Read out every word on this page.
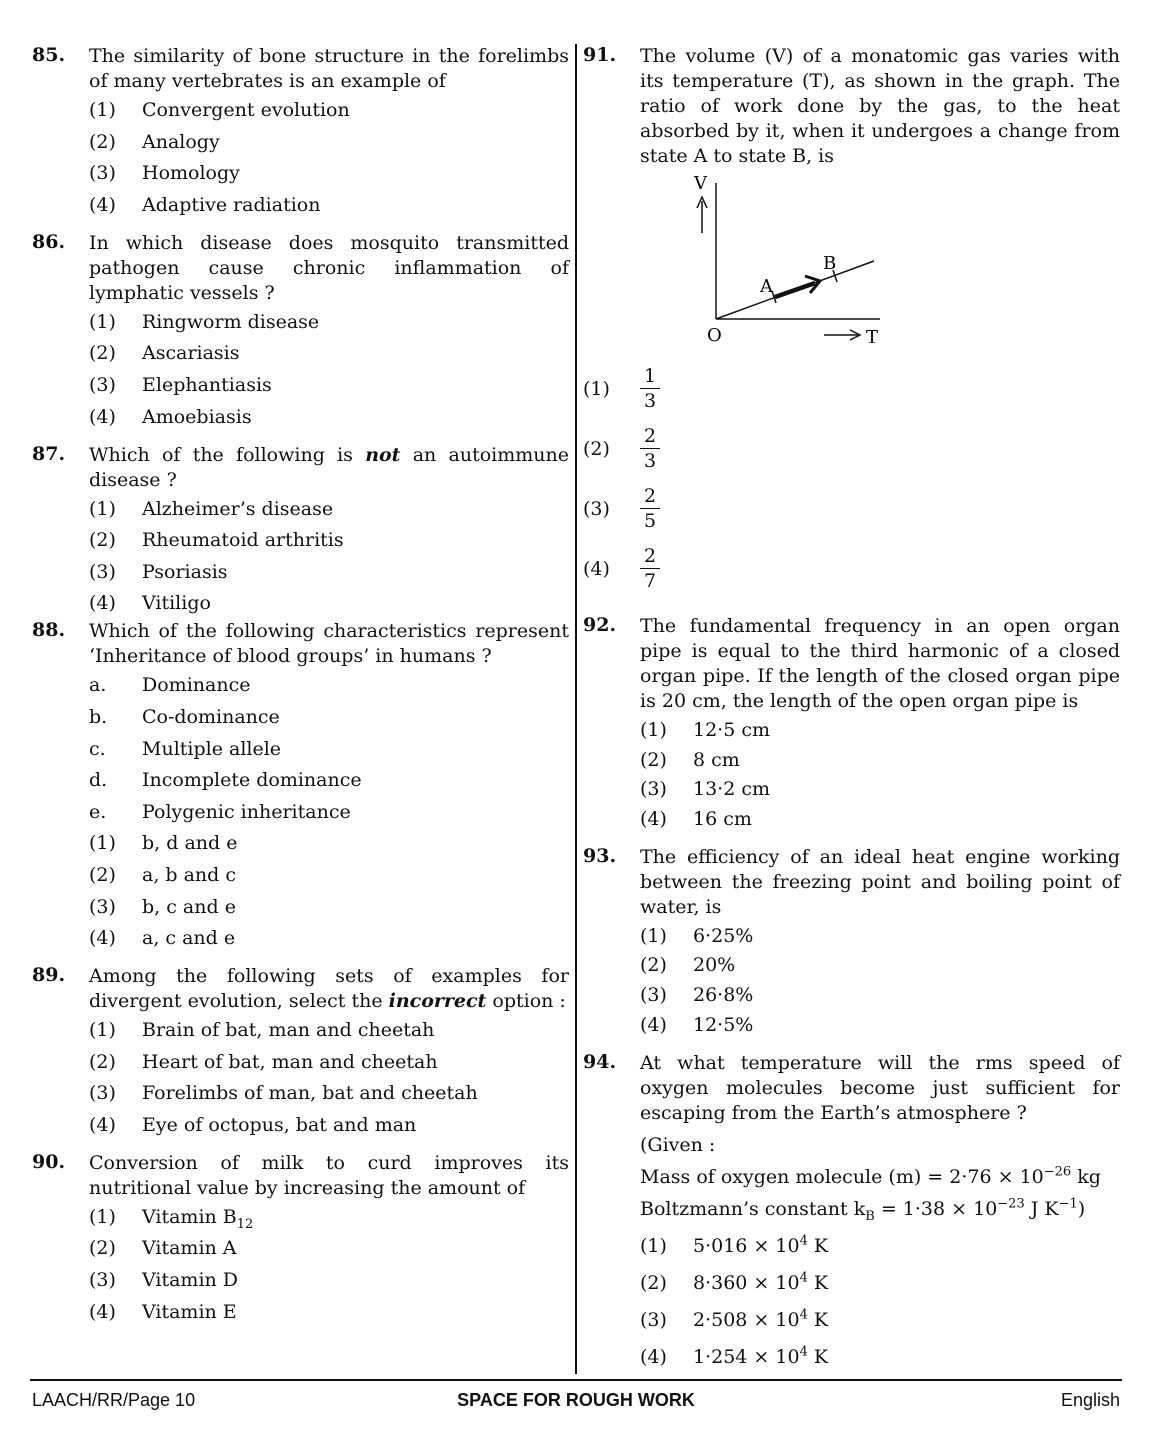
85. The similarity of bone structure in the forelimbs of many vertebrates is an example of
(1) Convergent evolution
(2) Analogy
(3) Homology
(4) Adaptive radiation
86. In which disease does mosquito transmitted pathogen cause chronic inflammation of lymphatic vessels ?
(1) Ringworm disease
(2) Ascariasis
(3) Elephantiasis
(4) Amoebiasis
87. Which of the following is not an autoimmune disease ?
(1) Alzheimer’s disease
(2) Rheumatoid arthritis
(3) Psoriasis
(4) Vitiligo
88. Which of the following characteristics represent ‘Inheritance of blood groups’ in humans ?
a. Dominance
b. Co-dominance
c. Multiple allele
d. Incomplete dominance
e. Polygenic inheritance
(1) b, d and e
(2) a, b and c
(3) b, c and e
(4) a, c and e
89. Among the following sets of examples for divergent evolution, select the incorrect option :
(1) Brain of bat, man and cheetah
(2) Heart of bat, man and cheetah
(3) Forelimbs of man, bat and cheetah
(4) Eye of octopus, bat and man
90. Conversion of milk to curd improves its nutritional value by increasing the amount of
(1) Vitamin $B_{12}$
(2) Vitamin A
(3) Vitamin D
(4) Vitamin E
91. The volume (V) of a monatomic gas varies with its temperature (T), as shown in the graph. The ratio of work done by the gas, to the heat absorbed by it, when it undergoes a change from state A to state B, is
V
A
B
O	T
$(1) \frac{1}{3}$
$(2) \frac{2}{3}$
$(3) \frac{2}{5}$
$(4) \frac{2}{7}$
92. The fundamental frequency in an open organ pipe is equal to the third harmonic of a closed organ pipe. If the length of the closed organ pipe is 20 cm, the length of the open organ pipe is
(1) 12·5 cm
(2) 8 cm
(3) 13·2 cm
(4) 16 cm
93. The efficiency of an ideal heat engine working between the freezing point and boiling point of water, is
(1) 6·25%
(2) 20%
(3) 26·8%
(4) 12·5%
94. At what temperature will the rms speed of oxygen molecules become just sufficient for escaping from the Earth’s atmosphere ?
(Given :
Mass of oxygen molecule $(m) = 2\cdot 76 \times 10^{-26}$ kg
Boltzmann’s constant $k_B = 1\cdot 38 \times 10^{-23}$ J $K^{-1}$)
(1) $5\cdot 016 \times 10^4$ K
(2) $8\cdot 360 \times 10^4$ K
(3) $2\cdot 508 \times 10^4$ K
(4) $1\cdot 254 \times 10^4$ K
LAACH/RR/Page 10	SPACE FOR ROUGH WORK	English
